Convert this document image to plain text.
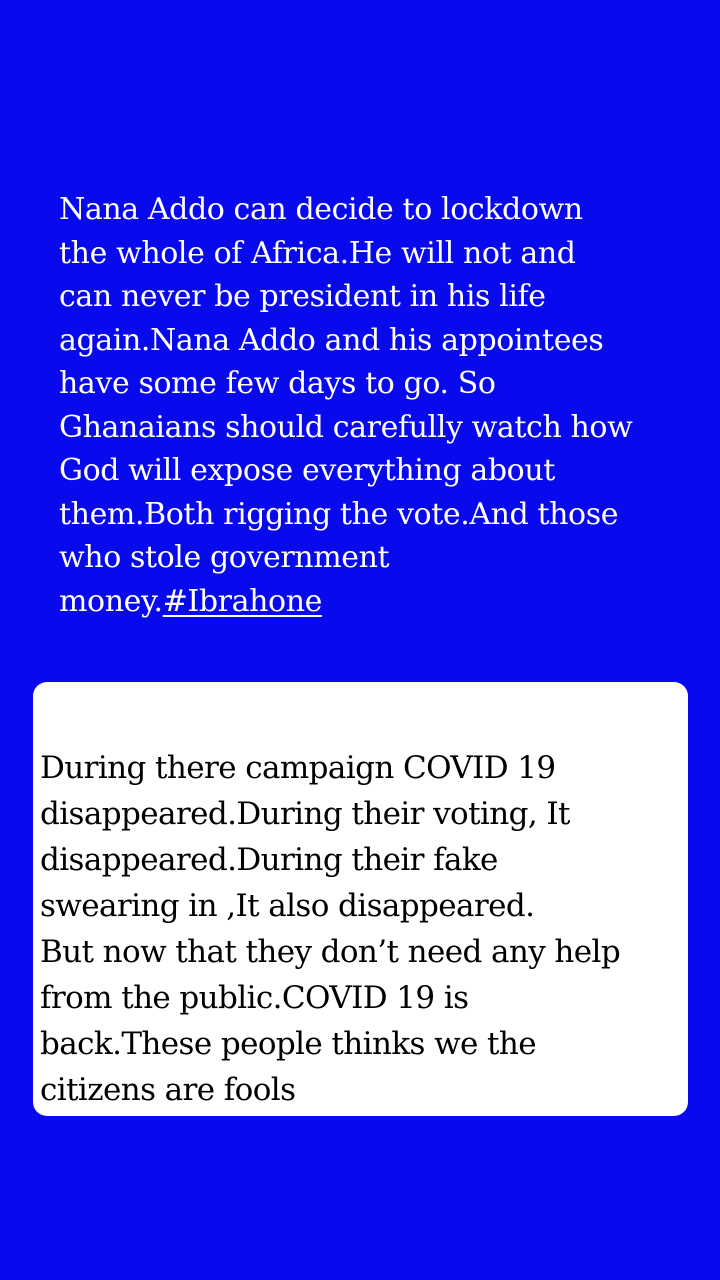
Nana Addo can decide to lockdown
the whole of Africa.He will not and
can never be president in his life
again.Nana Addo and his appointees
have some few days to go. So
Ghanaians should carefully watch how
God will expose everything about
them.Both rigging the vote.And those
who stole government
money.#Ibrahone

During there campaign COVID 19
disappeared.During their voting, It
disappeared.During their fake
swearing in ,It also disappeared.
But now that they don’t need any help
from the public.COVID 19 is
back.These people thinks we the
citizens are fools
